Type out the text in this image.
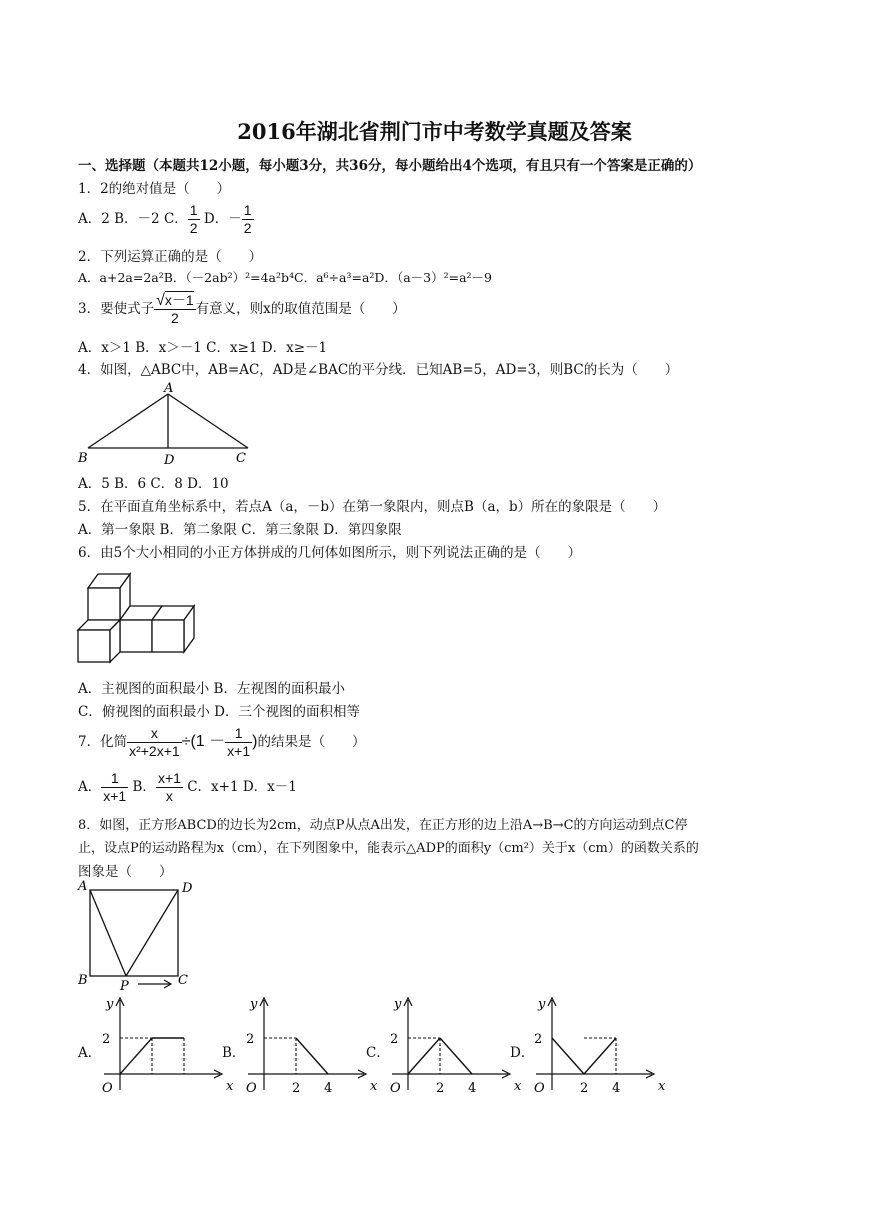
2016年湖北省荆门市中考数学真题及答案
一、选择题（本题共12小题，每小题3分，共36分，每小题给出4个选项，有且只有一个答案是正确的）
1．2的绝对值是（　　）
A．2 B．－2 C． $\frac{1}{2}$ D．－ $\frac{1}{2}$
2．下列运算正确的是（　　）
A．a+2a=2a²B．（－2ab²）²=4a²b⁴C．a⁶÷a³=a²D．（a－3）²=a²－9
3．要使式子 $\frac{√x-1}{2}$ 有意义，则x的取值范围是（　　）
A．x＞1 B．x＞－1 C．x≥1 D．x≥－1
4．如图，△ABC中，AB=AC，AD是∠BAC的平分线．已知AB=5，AD=3，则BC的长为（　　）
A
B	D	C
A．5 B．6 C．8 D．10
5．在平面直角坐标系中，若点A（a，－b）在第一象限内，则点B（a，b）所在的象限是（　　）
A．第一象限 B．第二象限 C．第三象限 D．第四象限
6．由5个大小相同的小正方体拼成的几何体如图所示，则下列说法正确的是（　　）
A．主视图的面积最小 B．左视图的面积最小
C．俯视图的面积最小 D．三个视图的面积相等
7．化简 $\frac{x}{\text{x²+2x+1}} \div(1 - \frac{1}{x+1}$ )的结果是（　　）
A． $\frac{1}{x+1}$ B． $\frac{x+1}{x}$ C．x+1 D．x－1
8．如图，正方形ABCD的边长为2cm，动点P从点A出发，在正方形的边上沿A→B→C的方向运动到点C停
止，设点P的运动路程为x（cm），在下列图象中，能表示△ADP的面积y（cm²）关于x（cm）的函数关系的
图象是（　　）
A	D
B P	C
A．
y
x
O
2
B．
y
x
O
2
2 4
C．
y
x
O
2
2 4
D．
y
x
O
2
2 4
